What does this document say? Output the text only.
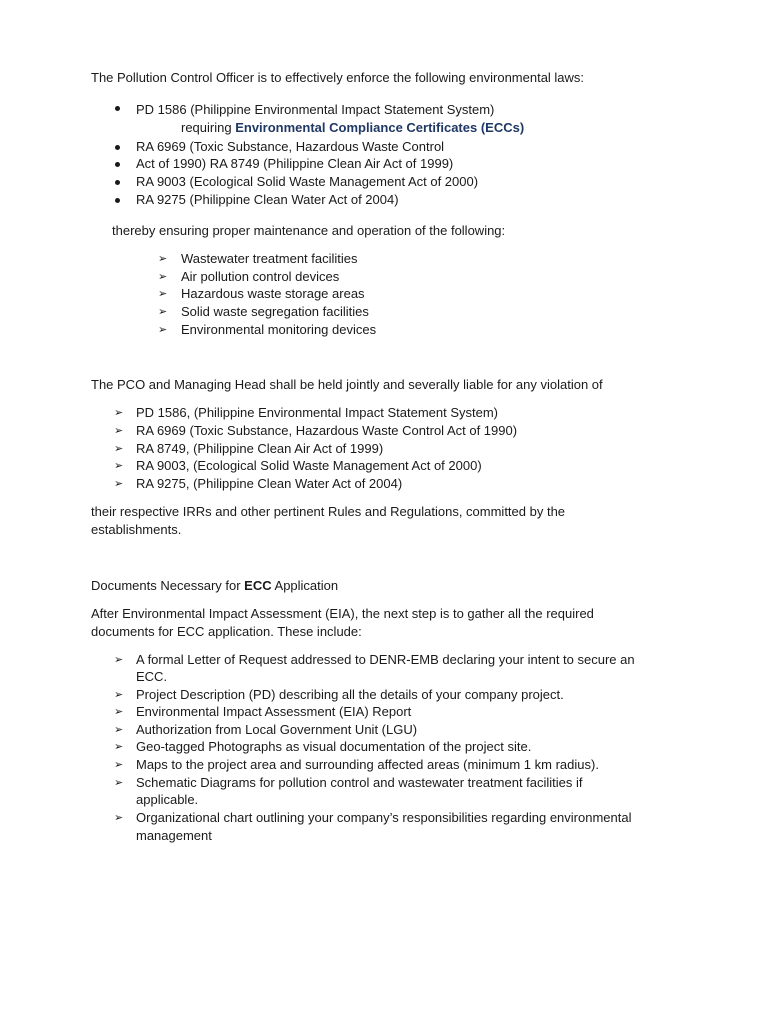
The Pollution Control Officer is to effectively enforce the following environmental laws:
PD 1586 (Philippine Environmental Impact Statement System)
requiring Environmental Compliance Certificates (ECCs)
RA 6969 (Toxic Substance, Hazardous Waste Control
Act of 1990) RA 8749 (Philippine Clean Air Act of 1999)
RA 9003 (Ecological Solid Waste Management Act of 2000)
RA 9275 (Philippine Clean Water Act of 2004)
thereby ensuring proper maintenance and operation of the following:
➢ Wastewater treatment facilities
➢ Air pollution control devices
➢ Hazardous waste storage areas
➢ Solid waste segregation facilities
➢ Environmental monitoring devices
The PCO and Managing Head shall be held jointly and severally liable for any violation of
➢ PD 1586, (Philippine Environmental Impact Statement System)
➢ RA 6969 (Toxic Substance, Hazardous Waste Control Act of 1990)
➢ RA 8749, (Philippine Clean Air Act of 1999)
➢ RA 9003, (Ecological Solid Waste Management Act of 2000)
➢ RA 9275, (Philippine Clean Water Act of 2004)
their respective IRRs and other pertinent Rules and Regulations, committed by the
establishments.
Documents Necessary for ECC Application
After Environmental Impact Assessment (EIA), the next step is to gather all the required
documents for ECC application. These include:
➢ A formal Letter of Request addressed to DENR-EMB declaring your intent to secure an
ECC.
➢ Project Description (PD) describing all the details of your company project.
➢ Environmental Impact Assessment (EIA) Report
➢ Authorization from Local Government Unit (LGU)
➢ Geo-tagged Photographs as visual documentation of the project site.
➢ Maps to the project area and surrounding affected areas (minimum 1 km radius).
➢ Schematic Diagrams for pollution control and wastewater treatment facilities if
applicable.
➢ Organizational chart outlining your company’s responsibilities regarding environmental
management
